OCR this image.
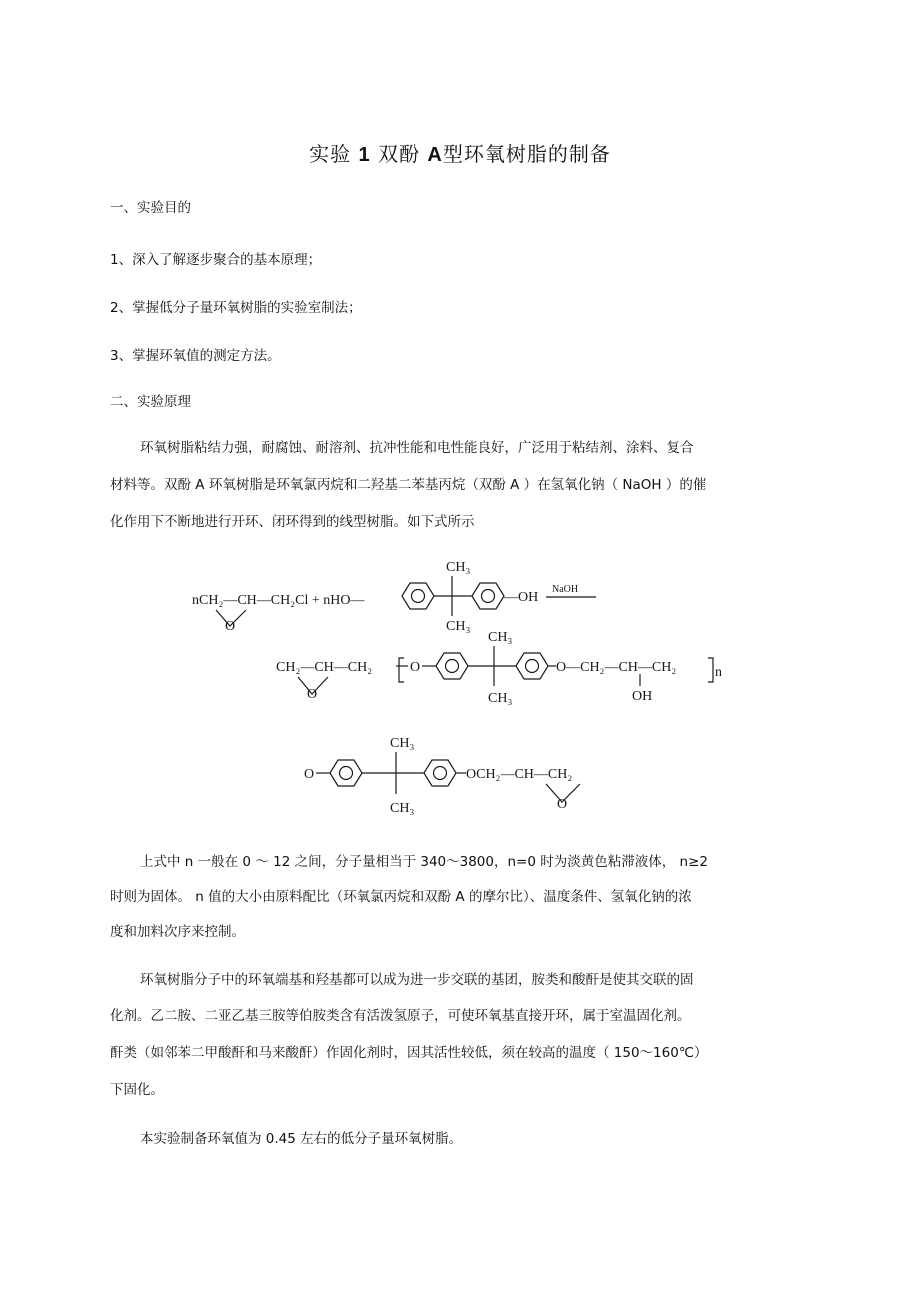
实验 1 双酚 A型环氧树脂的制备
一、实验目的
1、深入了解逐步聚合的基本原理；
2、掌握低分子量环氧树脂的实验室制法；
3、掌握环氧值的测定方法。
二、实验原理
环氧树脂粘结力强，耐腐蚀、耐溶剂、抗冲性能和电性能良好，广泛用于粘结剂、涂料、复合
材料等。双酚 A 环氧树脂是环氧氯丙烷和二羟基二苯基丙烷（双酚 A ）在氢氧化钠（ NaOH ）的催
化作用下不断地进行开环、闭环得到的线型树脂。如下式所示
nCH₂—CH—CH₂Cl + nHO—
O
CH₃
CH₃
—OH
NaOH
CH₂—CH—CH₂
O
O
CH₃
CH₃
O—CH₂—CH—CH₂
OH
n
O
CH₃
CH₃
OCH₂—CH—CH₂
O
上式中 n 一般在 0 ～ 12 之间，分子量相当于 340～3800，n=0 时为淡黄色粘滞液体， n≥2
时则为固体。 n 值的大小由原料配比（环氧氯丙烷和双酚 A 的摩尔比）、温度条件、氢氧化钠的浓
度和加料次序来控制。
环氧树脂分子中的环氧端基和羟基都可以成为进一步交联的基团，胺类和酸酐是使其交联的固
化剂。乙二胺、二亚乙基三胺等伯胺类含有活泼氢原子，可使环氧基直接开环，属于室温固化剂。
酐类（如邻苯二甲酸酐和马来酸酐）作固化剂时，因其活性较低，须在较高的温度（ 150～160℃）
下固化。
本实验制备环氧值为 0.45 左右的低分子量环氧树脂。
